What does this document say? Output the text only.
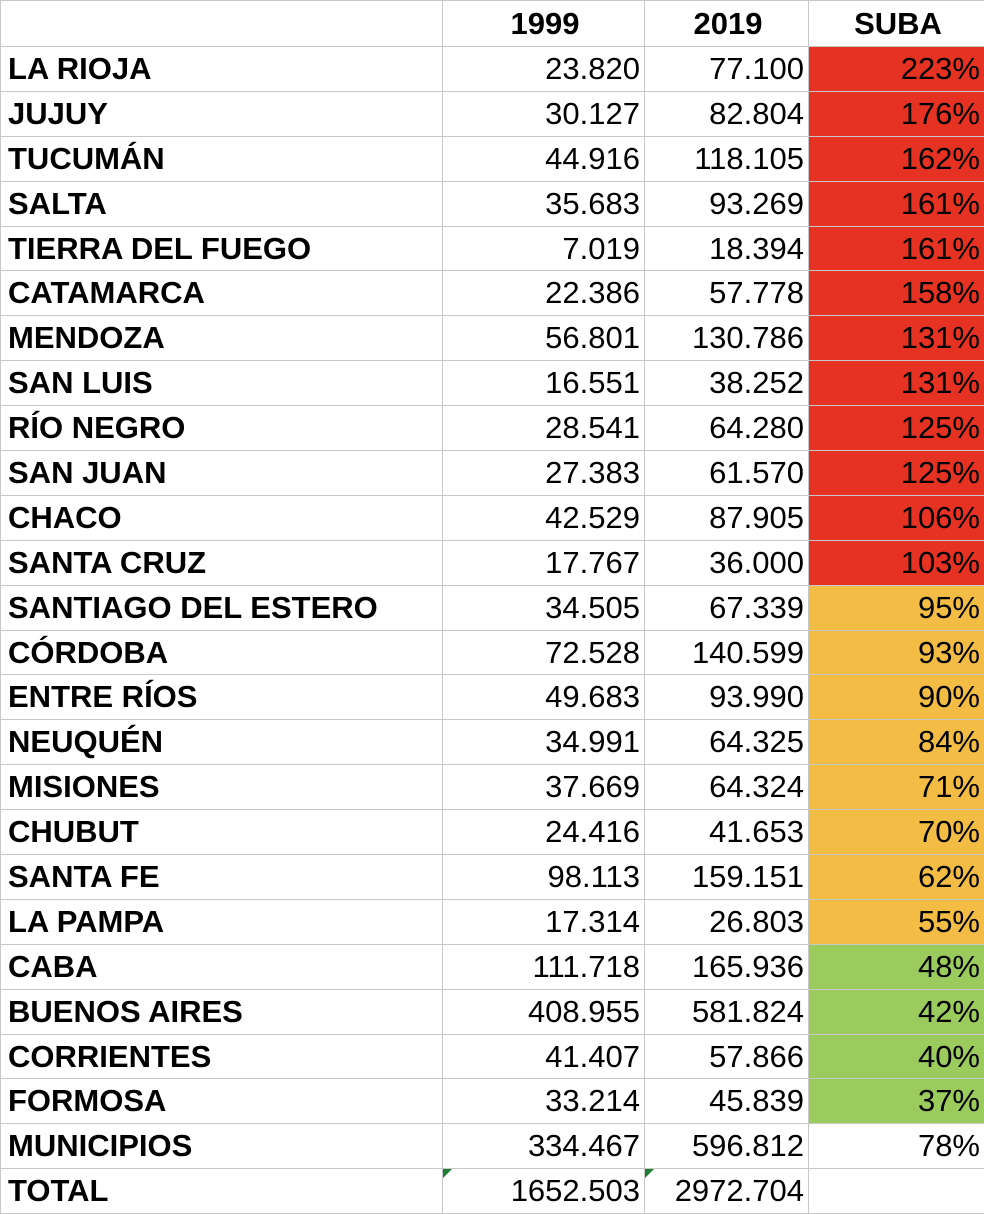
	1999	2019	SUBA
LA RIOJA	23.820	77.100	223%
JUJUY	30.127	82.804	176%
TUCUMÁN	44.916	118.105	162%
SALTA	35.683	93.269	161%
TIERRA DEL FUEGO	7.019	18.394	161%
CATAMARCA	22.386	57.778	158%
MENDOZA	56.801	130.786	131%
SAN LUIS	16.551	38.252	131%
RÍO NEGRO	28.541	64.280	125%
SAN JUAN	27.383	61.570	125%
CHACO	42.529	87.905	106%
SANTA CRUZ	17.767	36.000	103%
SANTIAGO DEL ESTERO	34.505	67.339	95%
CÓRDOBA	72.528	140.599	93%
ENTRE RÍOS	49.683	93.990	90%
NEUQUÉN	34.991	64.325	84%
MISIONES	37.669	64.324	71%
CHUBUT	24.416	41.653	70%
SANTA FE	98.113	159.151	62%
LA PAMPA	17.314	26.803	55%
CABA	111.718	165.936	48%
BUENOS AIRES	408.955	581.824	42%
CORRIENTES	41.407	57.866	40%
FORMOSA	33.214	45.839	37%
MUNICIPIOS	334.467	596.812	78%
TOTAL	1652.503	2972.704
